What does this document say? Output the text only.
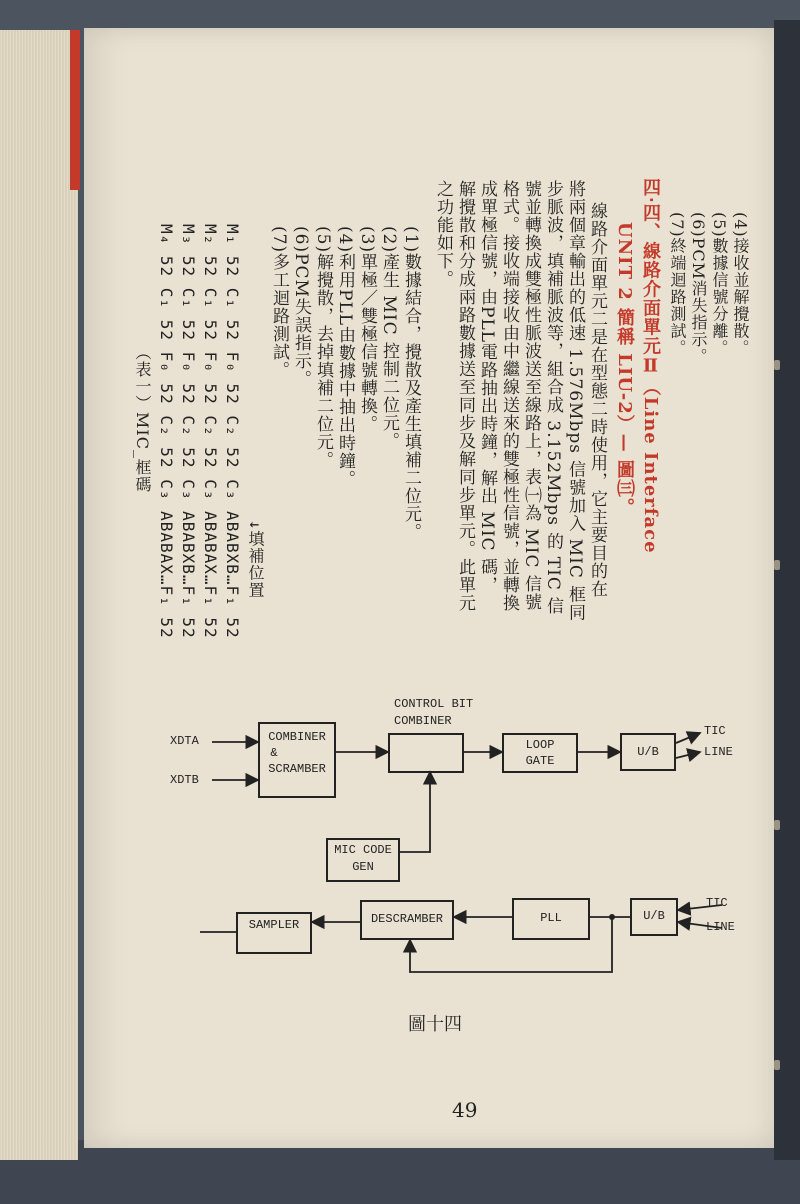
(4)接收並解攪散。
(5)數據信號分離。
(6)PCM消失指示。
(7)終端迴路測試。
四‧四、線路介面單元Ⅱ（Line Interface
UNIT 2 簡稱 LIU-2）— 圖㈢。
線路介面單元二是在型態二時使用，它主要目的在
將兩個章輸出的低速 1.576Mbps 信號加入 MIC 框同
步脈波，填補脈波等，組合成 3.152Mbps 的 TIC 信
號並轉換成雙極性脈波送至線路上，表㈠為 MIC 信號
格式。接收端接收由中繼線送來的雙極性信號，並轉換
成單極信號，由PLL電路抽出時鐘，解出 MIC 碼，
解攪散和分成兩路數據送至同步及解同步單元。此單元
之功能如下。
(1)數據結合，攪散及產生填補二位元。
(2)產生 MIC 控制二位元。
(3)單極／雙極信號轉換。
(4)利用PLL由數據中抽出時鐘。
(5)解攪散，去掉填補二位元。
(6)PCM失誤指示。
(7)多工迴路測試。
↓填補位置
M₁ 52 C₁ 52 F₀ 52 C₂ 52 C₃ ABABXB…F₁ 52
M₂ 52 C₁ 52 F₀ 52 C₂ 52 C₃ ABABAX…F₁ 52
M₃ 52 C₁ 52 F₀ 52 C₂ 52 C₃ ABABXB…F₁ 52
M₄ 52 C₁ 52 F₀ 52 C₂ 52 C₃ ABABAX…F₁ 52
（表一）MIC_框碼
XDTA
XDTB
COMBINER
&
SCRAMBER
CONTROL BIT
COMBINER
LOOP
GATE
U/B
TIC
LINE
MIC CODE
GEN
SAMPLER	DESCRAMBER	PLL	U/B
TIC
LINE
圖十四
49
